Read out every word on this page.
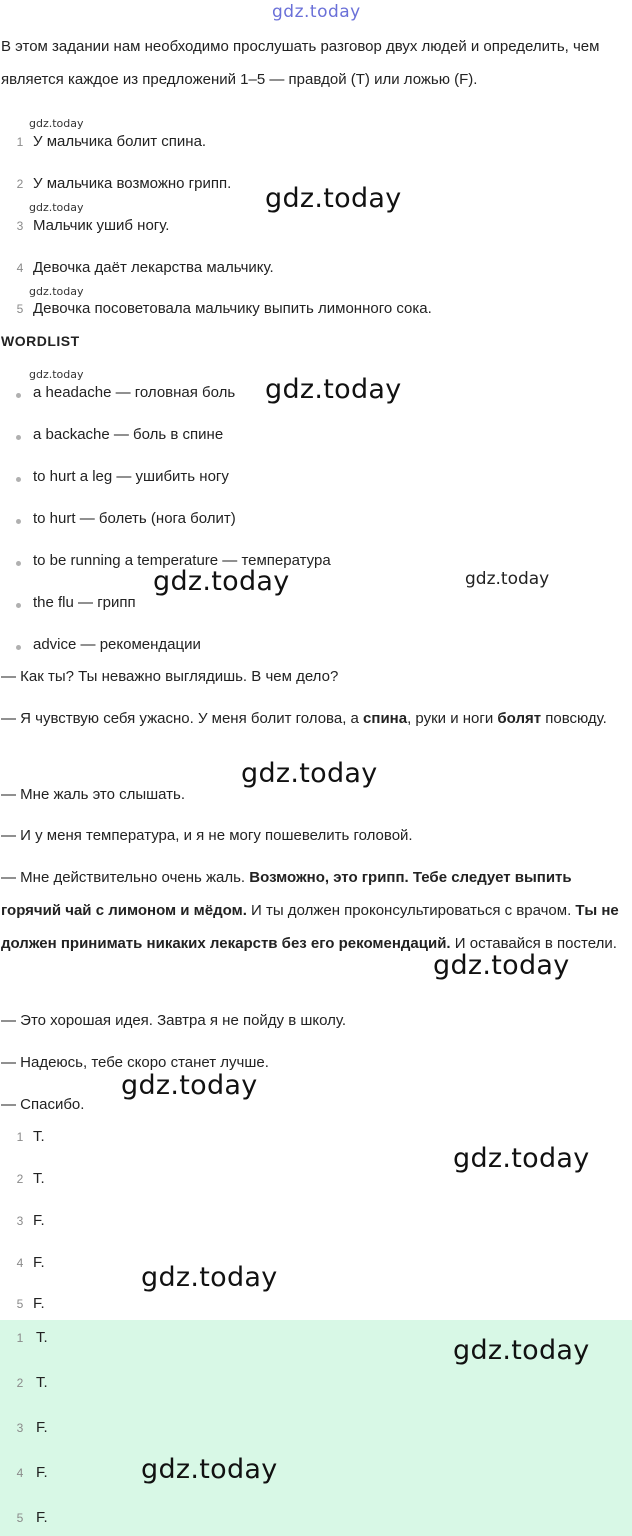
gdz.today
В этом задании нам необходимо прослушать разговор двух людей и определить, чем является каждое из предложений 1–5 — правдой (T) или ложью (F).
gdz.today
gdz.today
gdz.today
gdz.today
1 У мальчика болит спина.
2 У мальчика возможно грипп.
3 Мальчик ушиб ногу.
4 Девочка даёт лекарства мальчику.
5 Девочка посоветовала мальчику выпить лимонного сока.
WORDLIST
a headache — головная боль
a backache — боль в спине
to hurt a leg — ушибить ногу
to hurt — болеть (нога болит)
to be running a temperature — температура
the flu — грипп
advice — рекомендации
— Как ты? Ты неважно выглядишь. В чем дело?
— Я чувствую себя ужасно. У меня болит голова, а спина, руки и ноги болят повсюду.
— Мне жаль это слышать.
— И у меня температура, и я не могу пошевелить головой.
— Мне действительно очень жаль. Возможно, это грипп. Тебе следует выпить горячий чай с лимоном и мёдом. И ты должен проконсультироваться с врачом. Ты не должен принимать никаких лекарств без его рекомендаций. И оставайся в постели.
— Это хорошая идея. Завтра я не пойду в школу.
— Надеюсь, тебе скоро станет лучше.
— Спасибо.
1 T.
2 T.
3 F.
4 F.
5 F.
1 T.
2 T.
3 F.
4 F.
5 F.
gdz.today
gdz.today
gdz.today	gdz.today
gdz.today
gdz.today
gdz.today
gdz.today
gdz.today
gdz.today
gdz.today
